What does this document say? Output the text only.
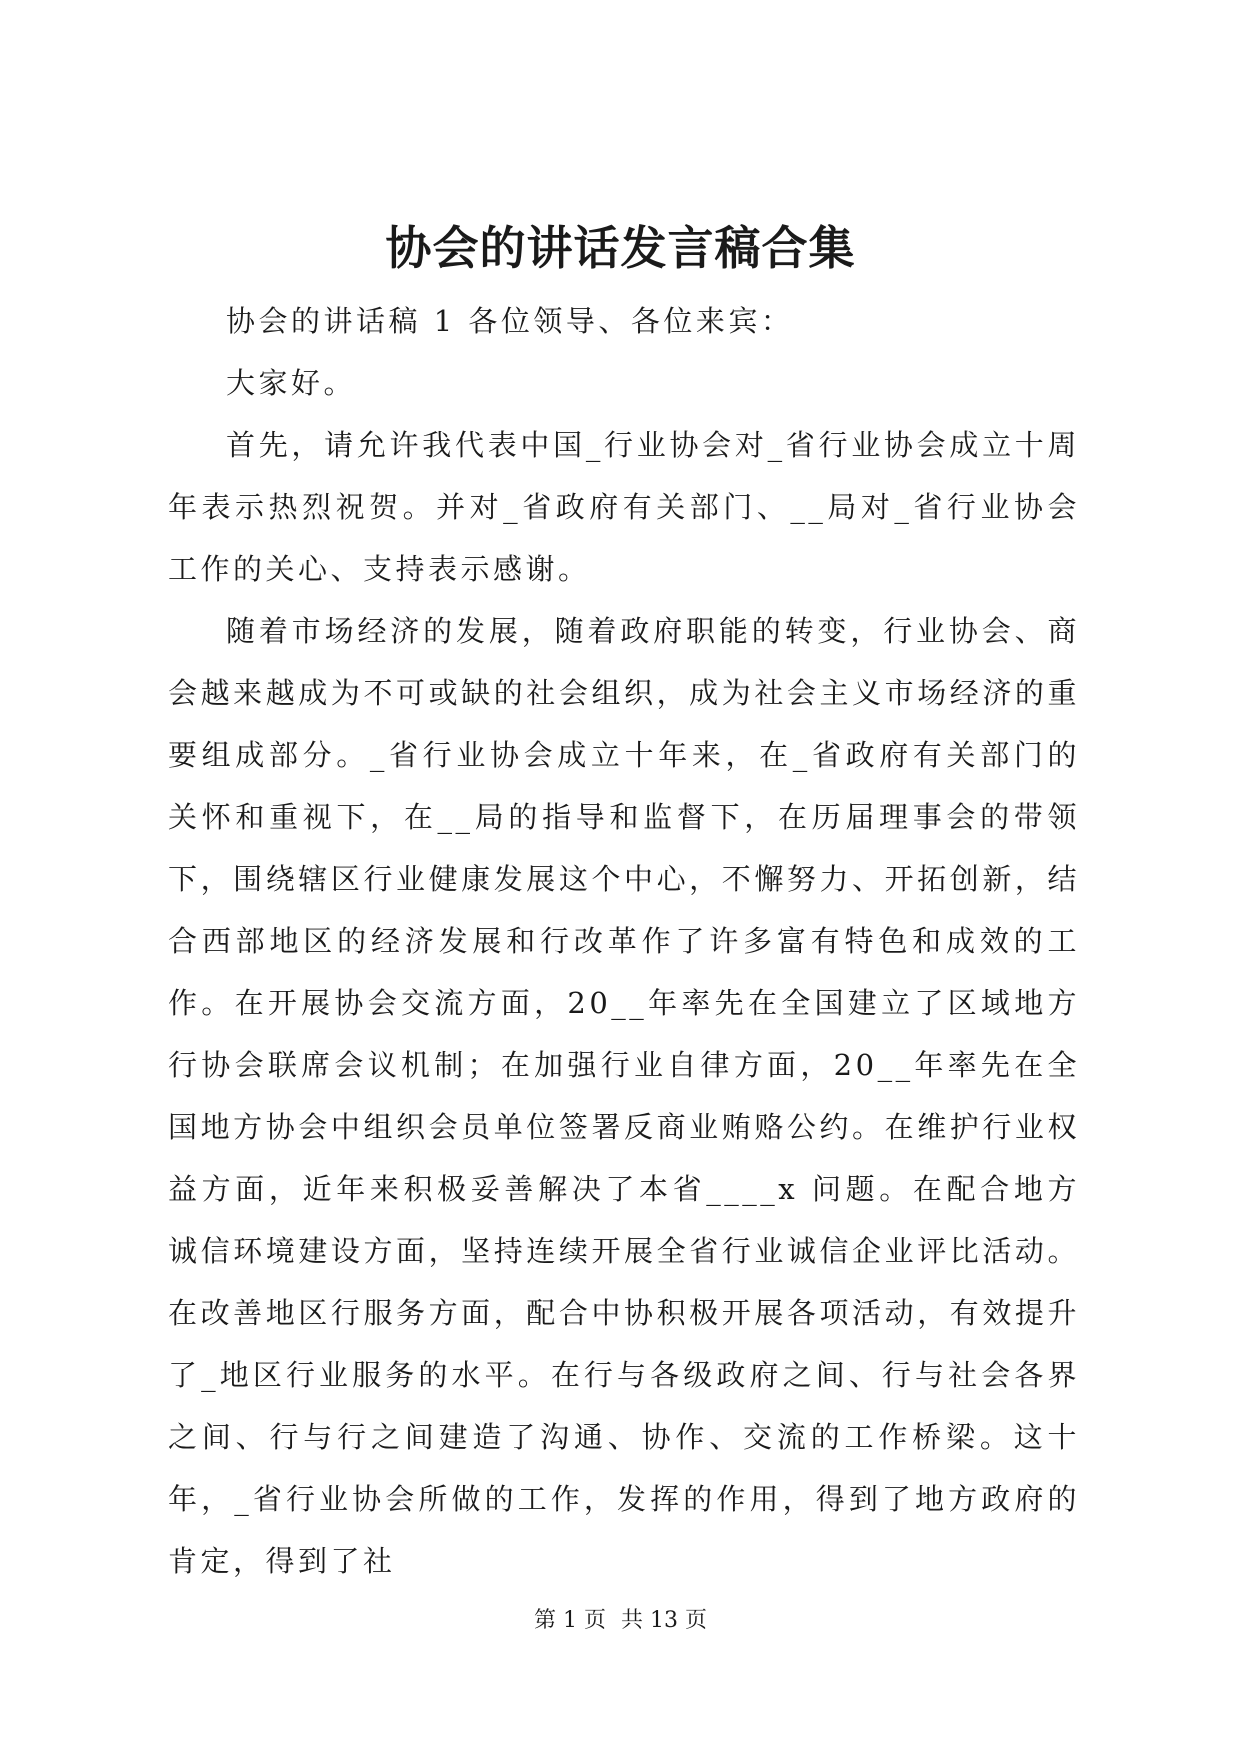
协会的讲话发言稿合集

协会的讲话稿 1 各位领导、各位来宾：

大家好。

首先，请允许我代表中国_行业协会对_省行业协会成立十周年表示热烈祝贺。并对_省政府有关部门、__局对_省行业协会工作的关心、支持表示感谢。

随着市场经济的发展，随着政府职能的转变，行业协会、商会越来越成为不可或缺的社会组织，成为社会主义市场经济的重要组成部分。_省行业协会成立十年来，在_省政府有关部门的关怀和重视下，在__局的指导和监督下，在历届理事会的带领下，围绕辖区行业健康发展这个中心，不懈努力、开拓创新，结合西部地区的经济发展和行改革作了许多富有特色和成效的工作。在开展协会交流方面，20__年率先在全国建立了区域地方行协会联席会议机制；在加强行业自律方面，20__年率先在全国地方协会中组织会员单位签署反商业贿赂公约。在维护行业权益方面，近年来积极妥善解决了本省____x 问题。在配合地方诚信环境建设方面，坚持连续开展全省行业诚信企业评比活动。在改善地区行服务方面，配合中协积极开展各项活动，有效提升了_地区行业服务的水平。在行与各级政府之间、行与社会各界之间、行与行之间建造了沟通、协作、交流的工作桥梁。这十年，_省行业协会所做的工作，发挥的作用，得到了地方政府的肯定，得到了社

第 1 页 共 13 页
